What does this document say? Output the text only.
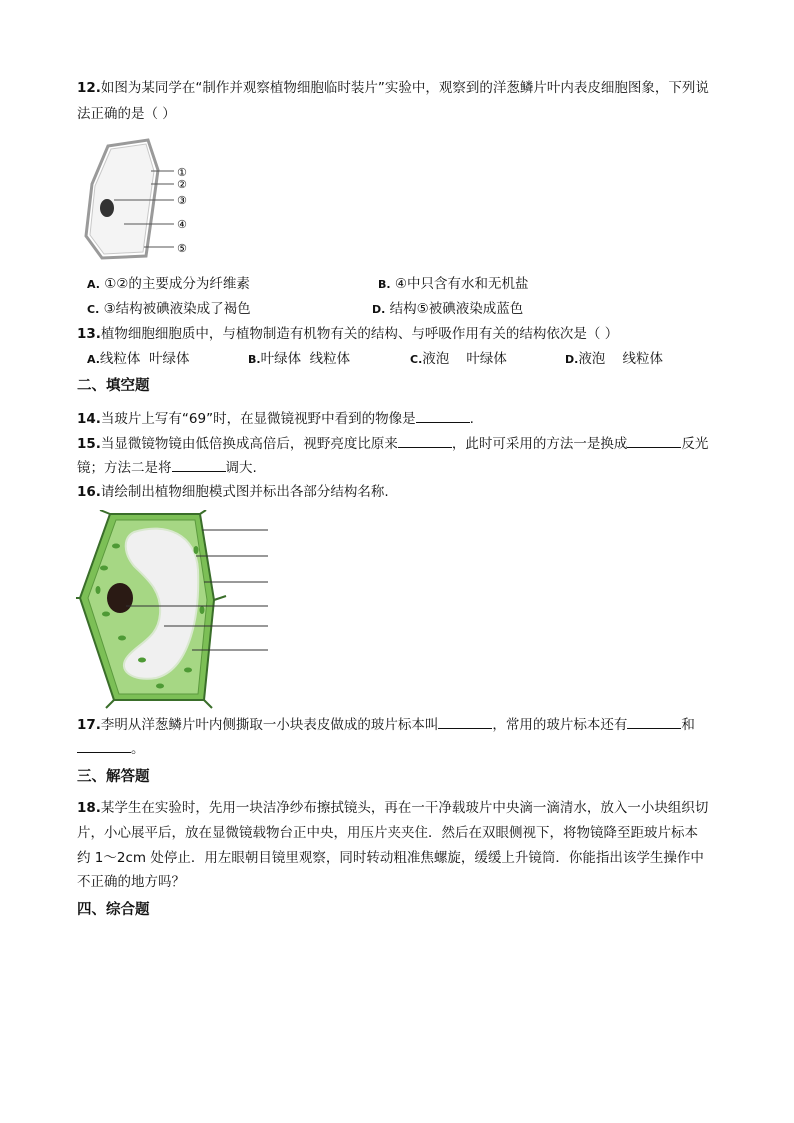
12.如图为某同学在“制作并观察植物细胞临时装片”实验中，观察到的洋葱鳞片叶内表皮细胞图象，下列说
法正确的是（ ）
①
②
③
④
⑤
A. ①②的主要成分为纤维素	B. ④中只含有水和无机盐
C. ③结构被碘液染成了褐色	D. 结构⑤被碘液染成蓝色
13.植物细胞细胞质中，与植物制造有机物有关的结构、与呼吸作用有关的结构依次是（ ）
A.线粒体  叶绿体	B.叶绿体  线粒体	C.液泡    叶绿体	D.液泡    线粒体
二、填空题
14.当玻片上写有“69”时，在显微镜视野中看到的物像是	.
15.当显微镜物镜由低倍换成高倍后，视野亮度比原来	，此时可采用的方法一是换成	反光
镜；方法二是将	调大.
16.请绘制出植物细胞模式图并标出各部分结构名称.
17.李明从洋葱鳞片叶内侧撕取一小块表皮做成的玻片标本叫	，常用的玻片标本还有	和
。
三、解答题
18.某学生在实验时，先用一块洁净纱布擦拭镜头，再在一干净载玻片中央滴一滴清水，放入一小块组织切
片，小心展平后，放在显微镜载物台正中央，用压片夹夹住．然后在双眼侧视下，将物镜降至距玻片标本
约 1～2cm 处停止．用左眼朝目镜里观察，同时转动粗准焦螺旋，缓缓上升镜筒．你能指出该学生操作中
不正确的地方吗？
四、综合题
